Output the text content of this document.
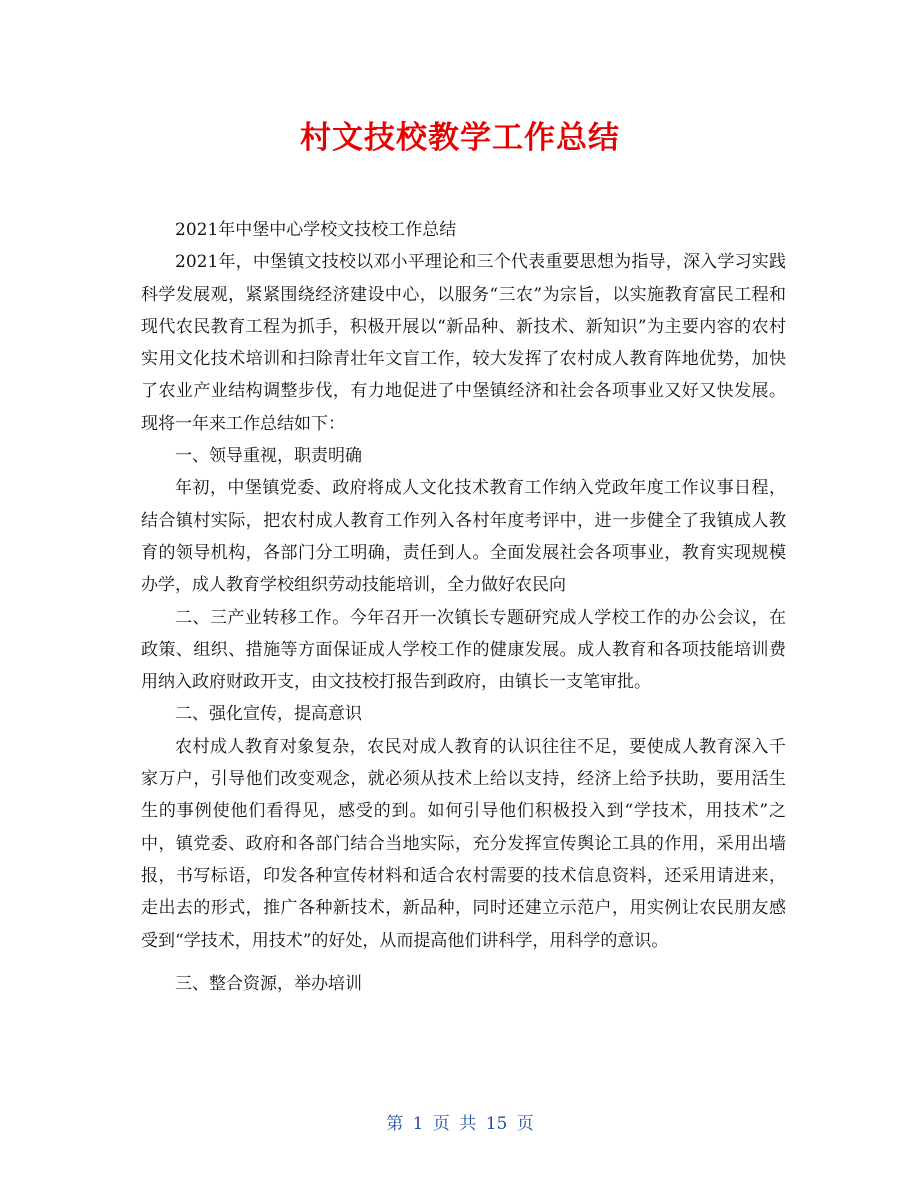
村文技校教学工作总结

2021年中堡中心学校文技校工作总结

2021年，中堡镇文技校以邓小平理论和三个代表重要思想为指导，深入学习实践科学发展观，紧紧围绕经济建设中心，以服务“三农”为宗旨，以实施教育富民工程和现代农民教育工程为抓手，积极开展以“新品种、新技术、新知识”为主要内容的农村实用文化技术培训和扫除青壮年文盲工作，较大发挥了农村成人教育阵地优势，加快了农业产业结构调整步伐，有力地促进了中堡镇经济和社会各项事业又好又快发展。现将一年来工作总结如下：

一、领导重视，职责明确

年初，中堡镇党委、政府将成人文化技术教育工作纳入党政年度工作议事日程，结合镇村实际，把农村成人教育工作列入各村年度考评中，进一步健全了我镇成人教育的领导机构，各部门分工明确，责任到人。全面发展社会各项事业，教育实现规模办学，成人教育学校组织劳动技能培训，全力做好农民向

二、三产业转移工作。今年召开一次镇长专题研究成人学校工作的办公会议，在政策、组织、措施等方面保证成人学校工作的健康发展。成人教育和各项技能培训费用纳入政府财政开支，由文技校打报告到政府，由镇长一支笔审批。

二、强化宣传，提高意识

农村成人教育对象复杂，农民对成人教育的认识往往不足，要使成人教育深入千家万户，引导他们改变观念，就必须从技术上给以支持，经济上给予扶助，要用活生生的事例使他们看得见，感受的到。如何引导他们积极投入到“学技术，用技术”之中，镇党委、政府和各部门结合当地实际，充分发挥宣传舆论工具的作用，采用出墙报，书写标语，印发各种宣传材料和适合农村需要的技术信息资料，还采用请进来，走出去的形式，推广各种新技术，新品种，同时还建立示范户，用实例让农民朋友感受到“学技术，用技术”的好处，从而提高他们讲科学，用科学的意识。

三、整合资源，举办培训

第 1 页 共 15 页
